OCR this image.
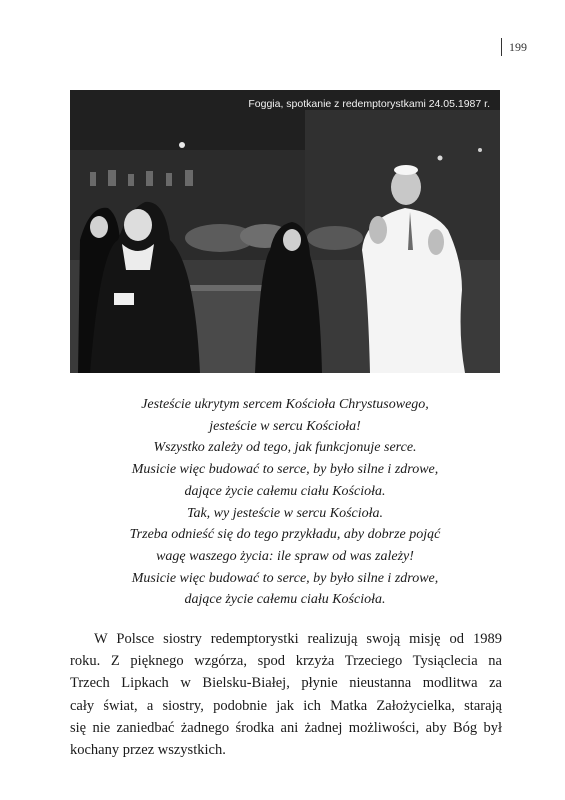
199
Foggia, spotkanie z redemptorystkami 24.05.1987 r.
Jesteście ukrytym sercem Kościoła Chrystusowego,
jesteście w sercu Kościoła!
Wszystko zależy od tego, jak funkcjonuje serce.
Musicie więc budować to serce, by było silne i zdrowe,
dające życie całemu ciału Kościoła.
Tak, wy jesteście w sercu Kościoła.
Trzeba odnieść się do tego przykładu, aby dobrze pojąć
wagę waszego życia: ile spraw od was zależy!
Musicie więc budować to serce, by było silne i zdrowe,
dające życie całemu ciału Kościoła.
W Polsce siostry redemptorystki realizują swoją misję od 1989
roku. Z pięknego wzgórza, spod krzyża Trzeciego Tysiąclecia na
Trzech Lipkach w Bielsku-Białej, płynie nieustanna modlitwa za
cały świat, a siostry, podobnie jak ich Matka Założycielka, starają
się nie zaniedbać żadnego środka ani żadnej możliwości, aby Bóg był
kochany przez wszystkich.
